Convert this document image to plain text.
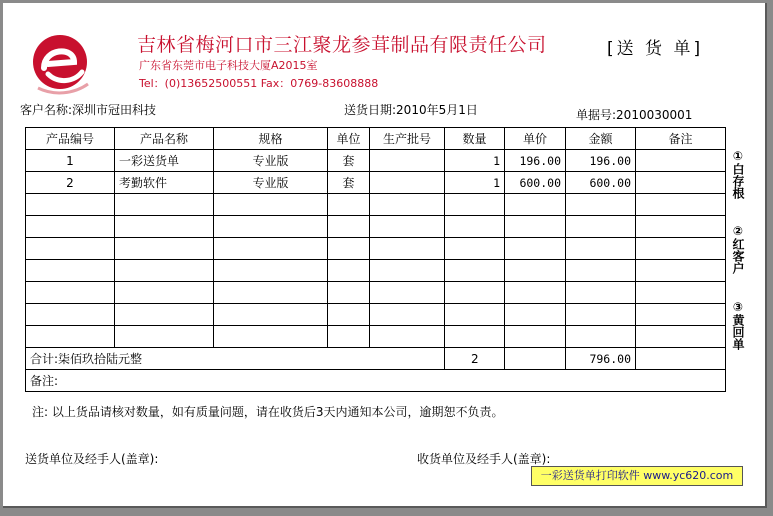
吉林省梅河口市三江聚龙参茸制品有限责任公司
广东省东莞市电子科技大厦A2015室
Tel：(0)13652500551 Fax：0769-83608888
[送 货 单]
客户名称:深圳市冠田科技	送货日期:2010年5月1日	单据号:2010030001
产品编号	产品名称	规格	单位	生产批号	数量	单价	金额	备注
1	一彩送货单	专业版	套		1	196.00	196.00	
2	考勤软件	专业版	套		1	600.00	600.00	

合计:柒佰玖拾陆元整					2		796.00	
备注:								
①
白存根
②
红客户
③
黄回单
注: 以上货品请核对数量，如有质量问题，请在收货后3天内通知本公司，逾期恕不负责。
送货单位及经手人(盖章):	收货单位及经手人(盖章):
一彩送货单打印软件 www.yc620.com
